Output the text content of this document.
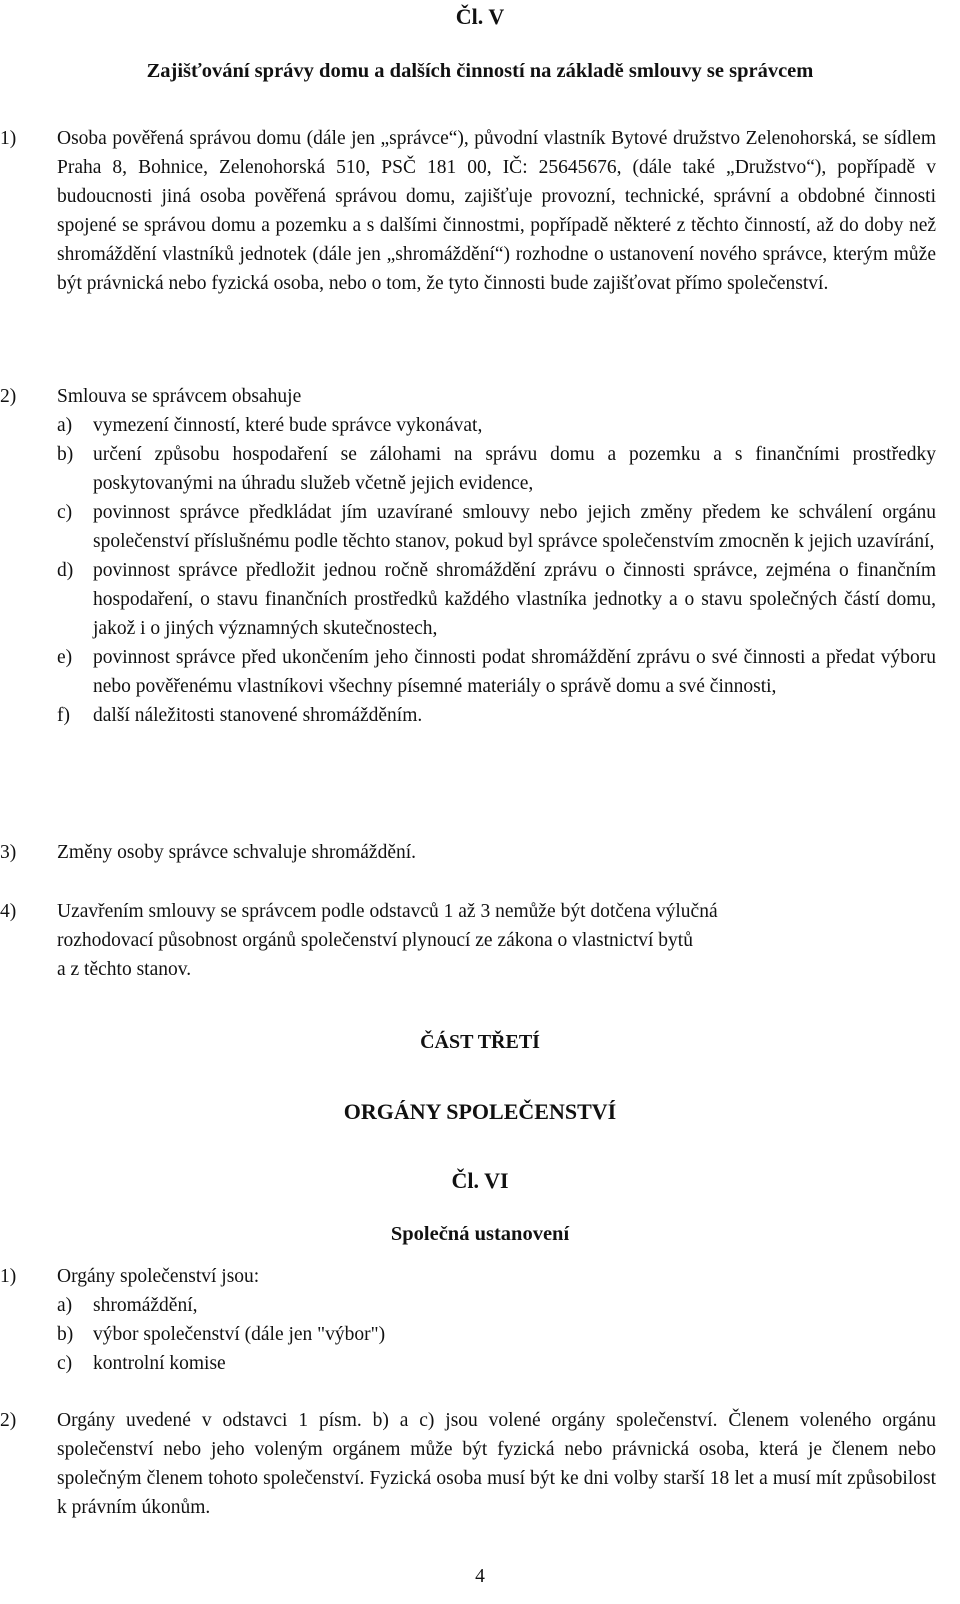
Čl. V
Zajišťování správy domu a dalších činností na základě smlouvy se správcem
1) Osoba pověřená správou domu (dále jen „správce“), původní vlastník Bytové družstvo Zelenohorská, se sídlem Praha 8, Bohnice, Zelenohorská 510, PSČ 181 00, IČ: 25645676, (dále také „Družstvo“), popřípadě v budoucnosti jiná osoba pověřená správou domu, zajišťuje provozní, technické, správní a obdobné činnosti spojené se správou domu a pozemku a s dalšími činnostmi, popřípadě některé z těchto činností, až do doby než shromáždění vlastníků jednotek (dále jen „shromáždění“) rozhodne o ustanovení nového správce, kterým může být právnická nebo fyzická osoba, nebo o tom, že tyto činnosti bude zajišťovat přímo společenství.
2) Smlouva se správcem obsahuje
a) vymezení činností, které bude správce vykonávat,
b) určení způsobu hospodaření se zálohami na správu domu a pozemku a s finančními prostředky poskytovanými na úhradu služeb včetně jejich evidence,
c) povinnost správce předkládat jím uzavírané smlouvy nebo jejich změny předem ke schválení orgánu společenství příslušnému podle těchto stanov, pokud byl správce společenstvím zmocněn k jejich uzavírání,
d) povinnost správce předložit jednou ročně shromáždění zprávu o činnosti správce, zejména o finančním hospodaření, o stavu finančních prostředků každého vlastníka jednotky a o stavu společných částí domu, jakož i o jiných významných skutečnostech,
e) povinnost správce před ukončením jeho činnosti podat shromáždění zprávu o své činnosti a předat výboru nebo pověřenému vlastníkovi všechny písemné materiály o správě domu a své činnosti,
f) další náležitosti stanovené shromážděním.
3) Změny osoby správce schvaluje shromáždění.
4) Uzavřením smlouvy se správcem podle odstavců 1 až 3 nemůže být dotčena výlučná
rozhodovací působnost orgánů společenství plynoucí ze zákona o vlastnictví bytů
a z těchto stanov.
ČÁST TŘETÍ
ORGÁNY SPOLEČENSTVÍ
Čl. VI
Společná ustanovení
1) Orgány společenství jsou:
a) shromáždění,
b) výbor společenství (dále jen "výbor")
c) kontrolní komise
2) Orgány uvedené v odstavci 1 písm. b) a c) jsou volené orgány společenství. Členem voleného orgánu společenství nebo jeho voleným orgánem může být fyzická nebo právnická osoba, která je členem nebo společným členem tohoto společenství. Fyzická osoba musí být ke dni volby starší 18 let a musí mít způsobilost k právním úkonům.
4
